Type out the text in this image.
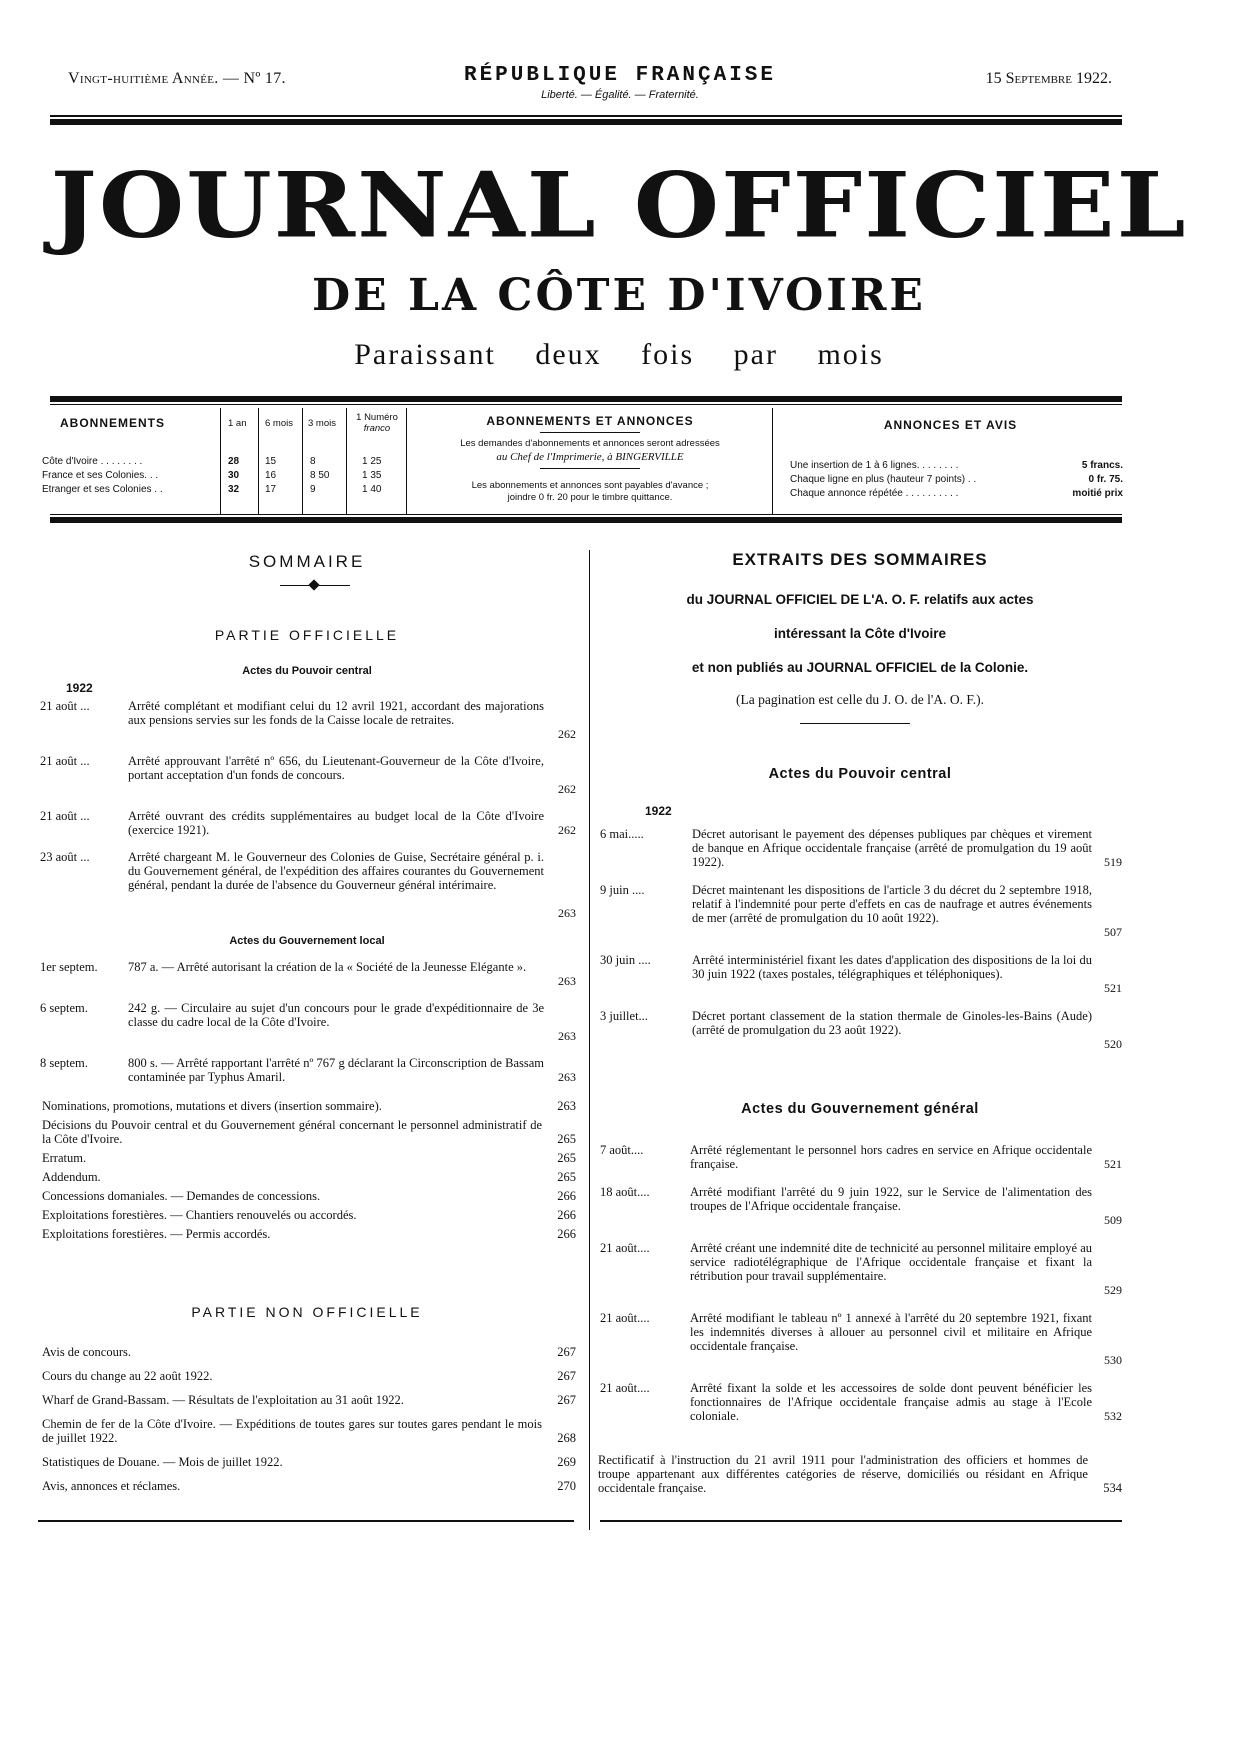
Vingt-huitième Année. — Nº 17.	RÉPUBLIQUE FRANÇAISE
Liberté. — Égalité. — Fraternité.
15 Septembre 1922.
JOURNAL OFFICIEL
DE LA CÔTE D'IVOIRE
Paraissant deux fois par mois
ABONNEMENTS	1 an 6 mois 3 mois
1 Numéro
franco
Côte d'Ivoire . . . . . . . .	28	15	8	1 25
France et ses Colonies. . .	30	16	8 50	1 35
Etranger et ses Colonies . .	32	17	9	1 40
ABONNEMENTS ET ANNONCES
Les demandes d'abonnements et annonces seront adressées
au Chef de l'Imprimerie, à BINGERVILLE
Les abonnements et annonces sont payables d'avance ;
joindre 0 fr. 20 pour le timbre quittance.
ANNONCES ET AVIS
Une insertion de 1 à 6 lignes. . . . . . . .	5 francs.
Chaque ligne en plus (hauteur 7 points) . .	0 fr. 75.
Chaque annonce répétée . . . . . . . . . .	moitié prix
SOMMAIRE
PARTIE OFFICIELLE
Actes du Pouvoir central
1922
21 août ...	Arrêté complétant et modifiant celui du 12 avril 1921, accordant des majorations aux pensions servies sur les fonds de la Caisse locale de retraites.
262
21 août ...	Arrêté approuvant l'arrêté nº 656, du Lieutenant-Gouverneur de la Côte d'Ivoire, portant acceptation d'un fonds de concours.
262
21 août ...	Arrêté ouvrant des crédits supplémentaires au budget local de la Côte d'Ivoire (exercice 1921).	262
23 août ...	Arrêté chargeant M. le Gouverneur des Colonies de Guise, Secrétaire général p. i. du Gouvernement général, de l'expédition des affaires courantes du Gouvernement général, pendant la durée de l'absence du Gouverneur général intérimaire.
263
Actes du Gouvernement local
1er septem. 787 a. — Arrêté autorisant la création de la « Société de la Jeunesse Elégante ».
263
6 septem.	242 g. — Circulaire au sujet d'un concours pour le grade d'expéditionnaire de 3e classe du cadre local de la Côte d'Ivoire.
263
8 septem.	800 s. — Arrêté rapportant l'arrêté nº 767 g déclarant la Circonscription de Bassam contaminée par Typhus Amaril.	263
Nominations, promotions, mutations et divers (insertion sommaire).	263
Décisions du Pouvoir central et du Gouvernement général concernant le personnel administratif de la Côte d'Ivoire.	265
Erratum.	265
Addendum.	265
Concessions domaniales. — Demandes de concessions.	266
Exploitations forestières. — Chantiers renouvelés ou accordés.	266
Exploitations forestières. — Permis accordés.	266
PARTIE NON OFFICIELLE
Avis de concours.	267
Cours du change au 22 août 1922.	267
Wharf de Grand-Bassam. — Résultats de l'exploitation au 31 août 1922.	267
Chemin de fer de la Côte d'Ivoire. — Expéditions de toutes gares sur toutes gares pendant le mois de juillet 1922.	268
Statistiques de Douane. — Mois de juillet 1922.	269
Avis, annonces et réclames.	270
EXTRAITS DES SOMMAIRES
du JOURNAL OFFICIEL DE L'A. O. F. relatifs aux actes
intéressant la Côte d'Ivoire
et non publiés au JOURNAL OFFICIEL de la Colonie.
(La pagination est celle du J. O. de l'A. O. F.).
Actes du Pouvoir central
1922
6 mai.....	Décret autorisant le payement des dépenses publiques par chèques et virement de banque en Afrique occidentale française (arrêté de promulgation du 19 août 1922).	519
9 juin ....	Décret maintenant les dispositions de l'article 3 du décret du 2 septembre 1918, relatif à l'indemnité pour perte d'effets en cas de naufrage et autres événements de mer (arrêté de promulgation du 10 août 1922).
507
30 juin ....	Arrêté interministériel fixant les dates d'application des dispositions de la loi du 30 juin 1922 (taxes postales, télégraphiques et téléphoniques).
521
3 juillet...	Décret portant classement de la station thermale de Ginoles-les-Bains (Aude) (arrêté de promulgation du 23 août 1922).
520
Actes du Gouvernement général
7 août....	Arrêté réglementant le personnel hors cadres en service en Afrique occidentale française.	521
18 août....	Arrêté modifiant l'arrêté du 9 juin 1922, sur le Service de l'alimentation des troupes de l'Afrique occidentale française.
509
21 août....	Arrêté créant une indemnité dite de technicité au personnel militaire employé au service radiotélégraphique de l'Afrique occidentale française et fixant la rétribution pour travail supplémentaire.
529
21 août....	Arrêté modifiant le tableau nº 1 annexé à l'arrêté du 20 septembre 1921, fixant les indemnités diverses à allouer au personnel civil et militaire en Afrique occidentale française.
530
21 août....	Arrêté fixant la solde et les accessoires de solde dont peuvent bénéficier les fonctionnaires de l'Afrique occidentale française admis au stage à l'Ecole coloniale.	532
Rectificatif à l'instruction du 21 avril 1911 pour l'administration des officiers et hommes de troupe appartenant aux différentes catégories de réserve, domiciliés ou résidant en Afrique occidentale française.	534
